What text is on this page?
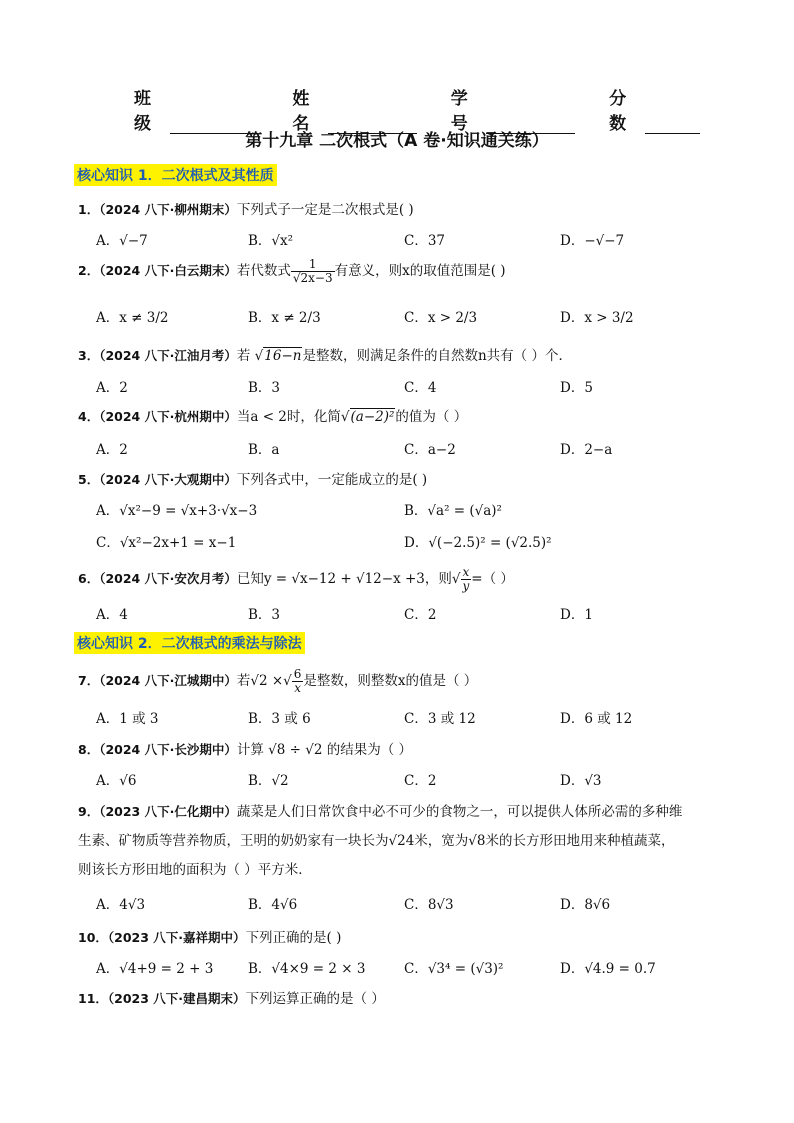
班级
姓名
学号
分数
第十九章 二次根式（A 卷·知识通关练）
核心知识 1．二次根式及其性质
1．（2024 八下·柳州期末）下列式子一定是二次根式是( )
A．√−7	B．√x²	C．37	D．−√−7
2．（2024 八下·白云期末）若代数式 $\frac{1}{√2x-3}$ 有意义，则x的取值范围是( )
A．x ≠ 3/2	B．x ≠ 2/3	C．x > 2/3	D．x > 3/2
3．（2024 八下·江油月考）若 √16−n是整数，则满足条件的自然数n共有（ ）个．
A．2	B．3	C．4	D．5
4．（2024 八下·杭州期中）当a < 2时，化简√(a−2)²的值为（ ）
A．2	B．a	C．a−2	D．2−a
5．（2024 八下·大观期中）下列各式中，一定能成立的是( )
A．√x²−9 = √x+3·√x−3	B．√a² = (√a)²
C．√x²−2x+1 = x−1	D．√(−2.5)² = (√2.5)²
6．（2024 八下·安次月考）已知y = √x−12 + √12−x +3，则√ $\frac{x}{y}$ =（ ）
A．4	B．3	C．2	D．1
核心知识 2．二次根式的乘法与除法
7．（2024 八下·江城期中）若√2 ×√ $\frac{6}{x}$ 是整数，则整数x的值是（ ）
A．1 或 3	B．3 或 6	C．3 或 12	D．6 或 12
8．（2024 八下·长沙期中）计算 √8 ÷ √2 的结果为（ ）
A．√6	B．√2	C．2	D．√3
9．（2023 八下·仁化期中）蔬菜是人们日常饮食中必不可少的食物之一，可以提供人体所必需的多种维
生素、矿物质等营养物质，王明的奶奶家有一块长为√24米，宽为√8米的长方形田地用来种植蔬菜，
则该长方形田地的面积为（ ）平方米．
A．4√3	B．4√6	C．8√3	D．8√6
10．（2023 八下·嘉祥期中）下列正确的是( )
A．√4+9 = 2 + 3	B．√4×9 = 2 × 3	C．√3⁴ = (√3)²	D．√4.9 = 0.7
11．（2023 八下·建昌期末）下列运算正确的是（ ）
